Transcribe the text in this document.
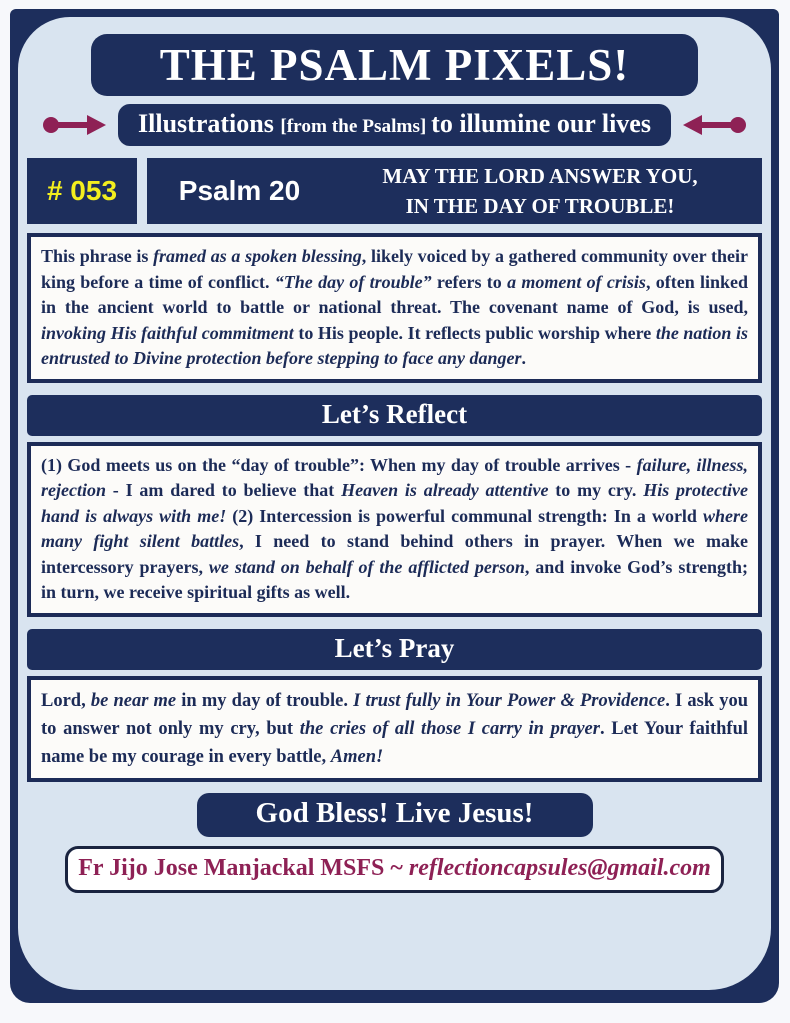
THE PSALM PIXELS!
Illustrations [from the Psalms] to illumine our lives
# 053	Psalm 20	MAY THE LORD ANSWER YOU,
IN THE DAY OF TROUBLE!
This phrase is framed as a spoken blessing, likely voiced by a gathered community over their king before a time of conflict. “The day of trouble” refers to a moment of crisis, often linked in the ancient world to battle or national threat. The covenant name of God, is used, invoking His faithful commitment to His people. It reflects public worship where the nation is entrusted to Divine protection before stepping to face any danger.
Let’s Reflect
(1) God meets us on the “day of trouble”: When my day of trouble arrives - failure, illness, rejection - I am dared to believe that Heaven is already attentive to my cry. His protective hand is always with me! (2) Intercession is powerful communal strength: In a world where many fight silent battles, I need to stand behind others in prayer. When we make intercessory prayers, we stand on behalf of the afflicted person, and invoke God’s strength; in turn, we receive spiritual gifts as well.
Let’s Pray
Lord, be near me in my day of trouble. I trust fully in Your Power & Providence. I ask you to answer not only my cry, but the cries of all those I carry in prayer. Let Your faithful name be my courage in every battle, Amen!
God Bless! Live Jesus!
Fr Jijo Jose Manjackal MSFS ~ reflectioncapsules@gmail.com
